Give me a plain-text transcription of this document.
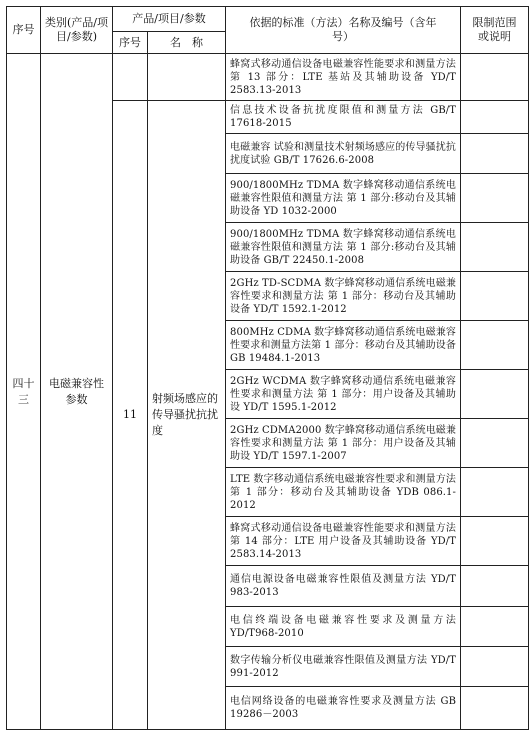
序号	类别(产品/项目/参数)	产品/项目/参数		依据的标准（方法）名称及编号（含年号）	限制范围或说明
		序号	名　称		
四十三	电磁兼容性参数			蜂窝式移动通信设备电磁兼容性能要求和测量方法 第 13 部分：LTE 基站及其辅助设备 YD/T 2583.13-2013	
		11	射频场感应的传导骚扰抗扰度	信息技术设备抗扰度限值和测量方法 GB/T 17618-2015	
				电磁兼容 试验和测量技术射频场感应的传导骚扰抗扰度试验 GB/T 17626.6-2008	
				900/1800MHz TDMA 数字蜂窝移动通信系统电磁兼容性限值和测量方法 第 1 部分:移动台及其辅助设备 YD 1032-2000	
				900/1800MHz TDMA 数字蜂窝移动通信系统电磁兼容性限值和测量方法 第 1 部分:移动台及其辅助设备 GB/T 22450.1-2008	
				2GHz TD-SCDMA 数字蜂窝移动通信系统电磁兼容性要求和测量方法 第 1 部分：移动台及其辅助设备 YD/T 1592.1-2012	
				800MHz CDMA 数字蜂窝移动通信系统电磁兼容性要求和测量方法第 1 部分：移动台及其辅助设备 GB 19484.1-2013	
				2GHz WCDMA 数字蜂窝移动通信系统电磁兼容性要求和测量方法 第 1 部分：用户设备及其辅助设 YD/T 1595.1-2012	
				2GHz CDMA2000 数字蜂窝移动通信系统电磁兼容性要求和测量方法 第 1 部分：用户设备及其辅助设 YD/T 1597.1-2007	
				LTE 数字移动通信系统电磁兼容性要求和测量方法 第 1 部分：移动台及其辅助设备 YDB 086.1-2012	
				蜂窝式移动通信设备电磁兼容性能要求和测量方法 第 14 部分：LTE 用户设备及其辅助设备 YD/T 2583.14-2013	
				通信电源设备电磁兼容性限值及测量方法 YD/T 983-2013	
				电信终端设备电磁兼容性要求及测量方法 YD/T968-2010	
				数字传输分析仪电磁兼容性限值及测量方法 YD/T 991-2012	
				电信网络设备的电磁兼容性要求及测量方法 GB 19286－2003	
